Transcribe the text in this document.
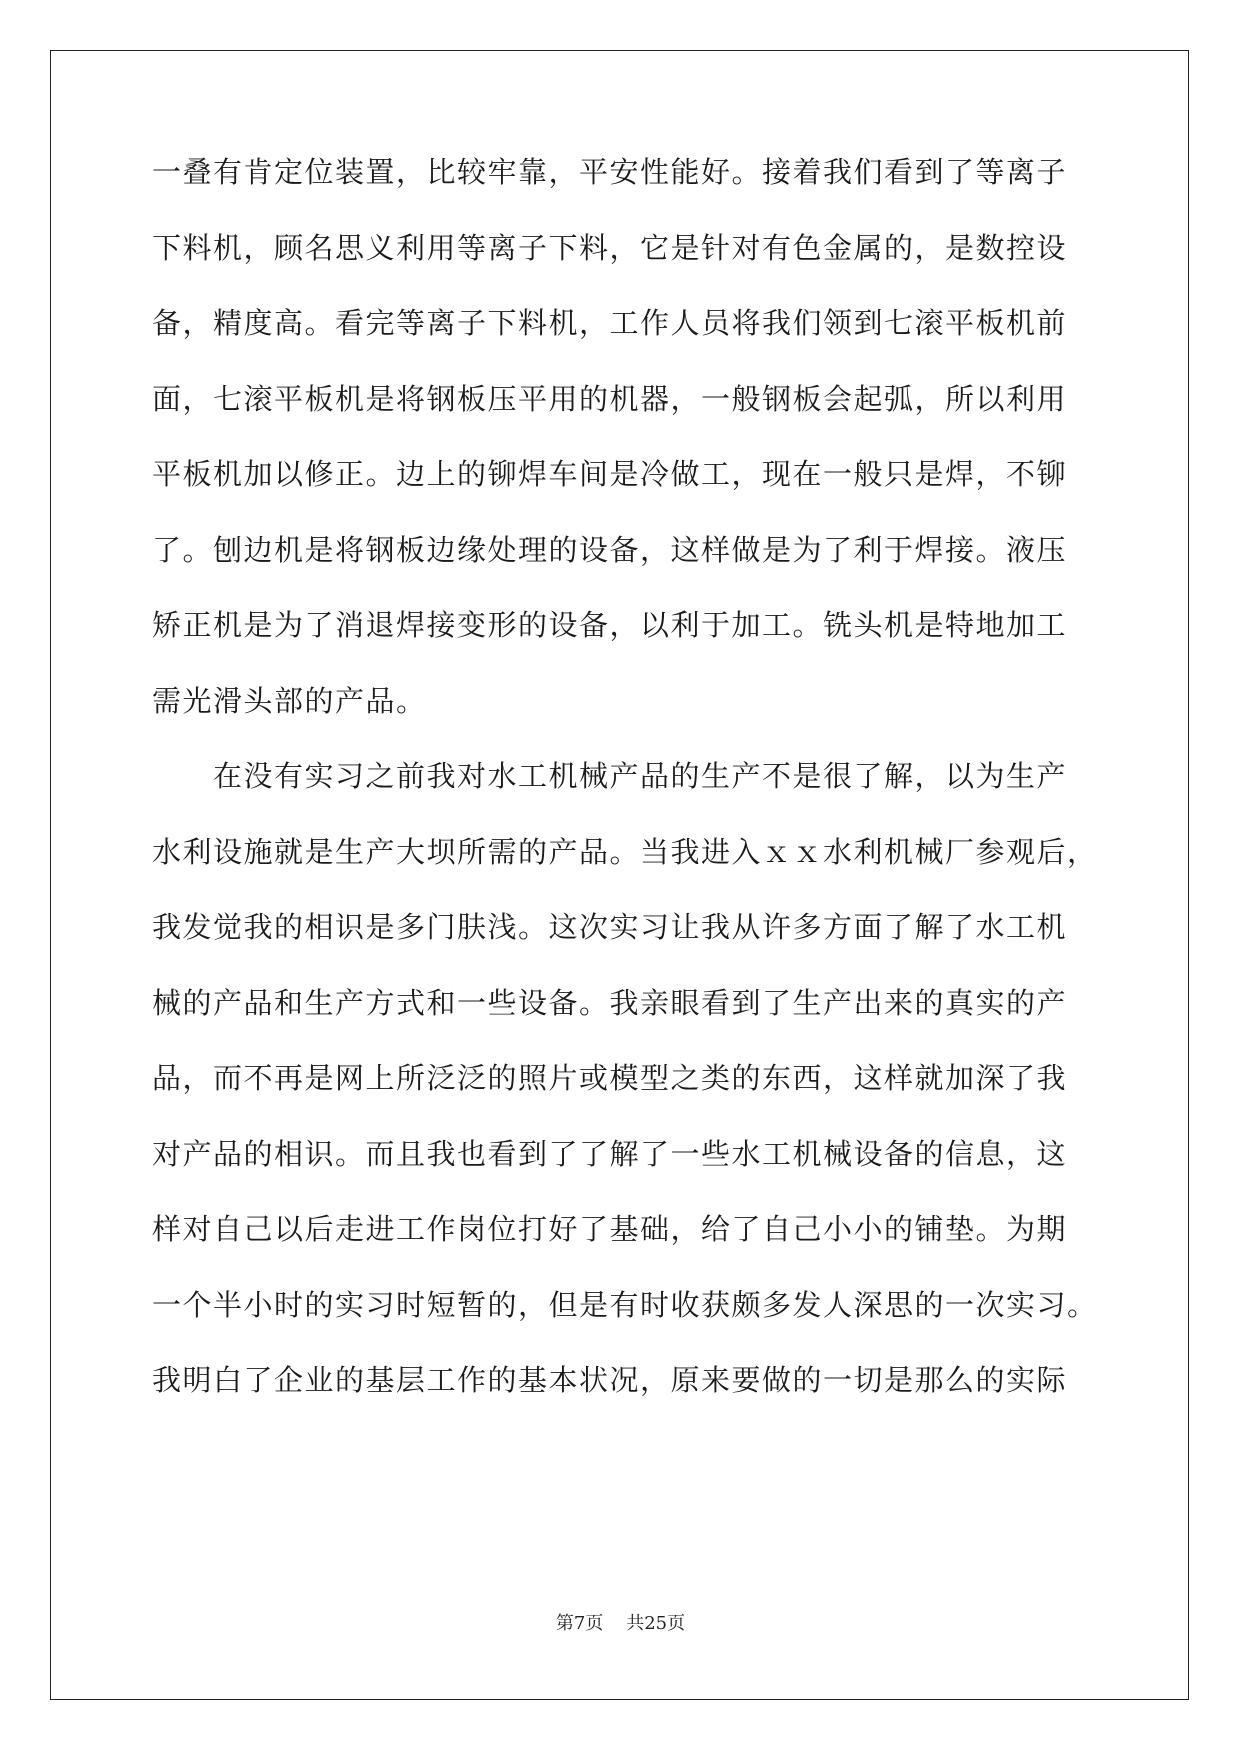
一叠有肯定位装置，比较牢靠，平安性能好。接着我们看到了等离子
下料机，顾名思义利用等离子下料，它是针对有色金属的，是数控设
备，精度高。看完等离子下料机，工作人员将我们领到七滚平板机前
面，七滚平板机是将钢板压平用的机器，一般钢板会起弧，所以利用
平板机加以修正。边上的铆焊车间是冷做工，现在一般只是焊，不铆
了。刨边机是将钢板边缘处理的设备，这样做是为了利于焊接。液压
矫正机是为了消退焊接变形的设备，以利于加工。铣头机是特地加工
需光滑头部的产品。
　　在没有实习之前我对水工机械产品的生产不是很了解，以为生产
水利设施就是生产大坝所需的产品。当我进入ｘｘ水利机械厂参观后，
我发觉我的相识是多门肤浅。这次实习让我从许多方面了解了水工机
械的产品和生产方式和一些设备。我亲眼看到了生产出来的真实的产
品，而不再是网上所泛泛的照片或模型之类的东西，这样就加深了我
对产品的相识。而且我也看到了了解了一些水工机械设备的信息，这
样对自己以后走进工作岗位打好了基础，给了自己小小的铺垫。为期
一个半小时的实习时短暂的，但是有时收获颇多发人深思的一次实习。
我明白了企业的基层工作的基本状况，原来要做的一切是那么的实际
第7页 共25页
